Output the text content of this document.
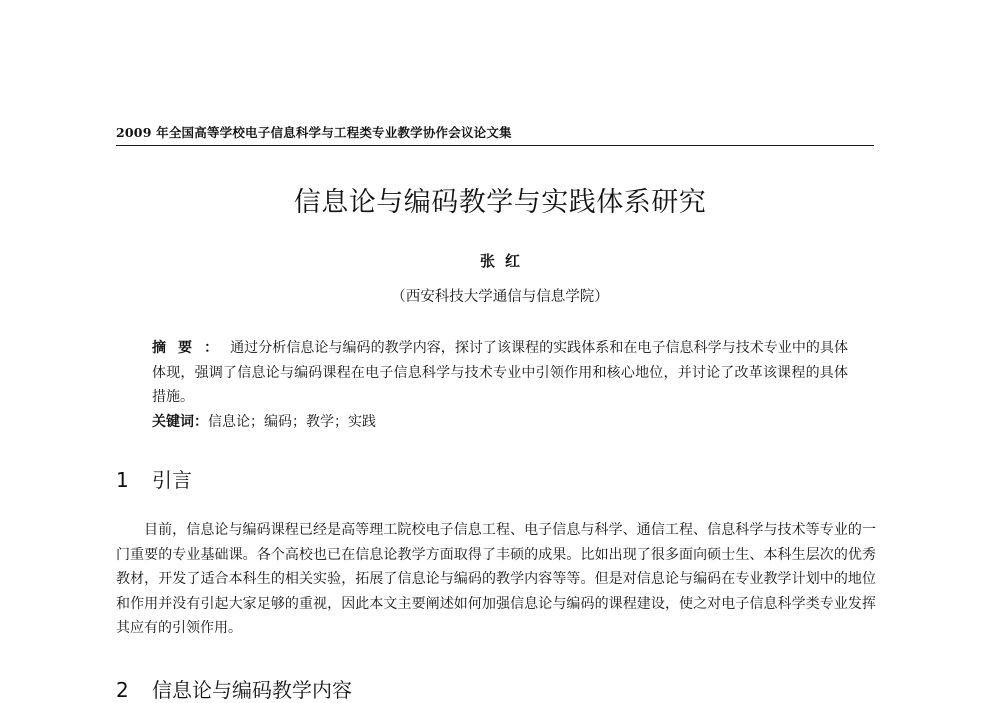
2009 年全国高等学校电子信息科学与工程类专业教学协作会议论文集
信息论与编码教学与实践体系研究
张红
（西安科技大学通信与信息学院）
摘要：通过分析信息论与编码的教学内容，探讨了该课程的实践体系和在电子信息科学与技术专业中的具体体现，强调了信息论与编码课程在电子信息科学与技术专业中引领作用和核心地位，并讨论了改革该课程的具体措施。
关键词：信息论；编码；教学；实践
1 引言
目前，信息论与编码课程已经是高等理工院校电子信息工程、电子信息与科学、通信工程、信息科学与技术等专业的一门重要的专业基础课。各个高校也已在信息论教学方面取得了丰硕的成果。比如出现了很多面向硕士生、本科生层次的优秀教材，开发了适合本科生的相关实验，拓展了信息论与编码的教学内容等等。但是对信息论与编码在专业教学计划中的地位和作用并没有引起大家足够的重视，因此本文主要阐述如何加强信息论与编码的课程建设，使之对电子信息科学类专业发挥其应有的引领作用。
2 信息论与编码教学内容
